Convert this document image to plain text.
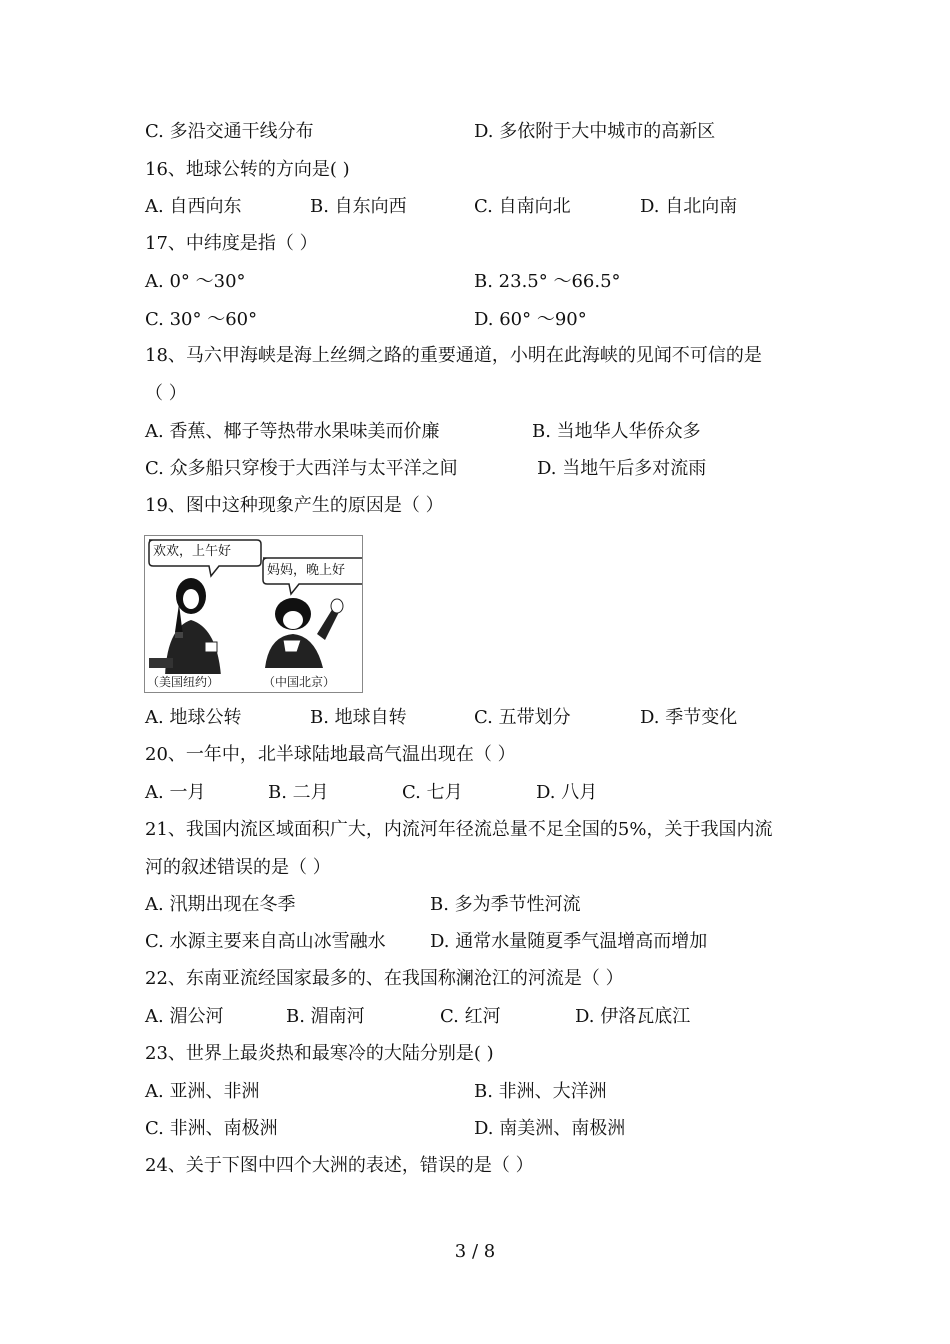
C. 多沿交通干线分布	D. 多依附于大中城市的高新区
16、地球公转的方向是( )
A. 自西向东	B. 自东向西	C. 自南向北	D. 自北向南
17、中纬度是指（ ）
A. 0° ～30°	B. 23.5° ～66.5°
C. 30° ～60°	D. 60° ～90°
18、马六甲海峡是海上丝绸之路的重要通道，小明在此海峡的见闻不可信的是
（ ）
A. 香蕉、椰子等热带水果味美而价廉	B. 当地华人华侨众多
C. 众多船只穿梭于大西洋与太平洋之间	D. 当地午后多对流雨
19、图中这种现象产生的原因是（ ）
欢欢，上午好
妈妈，晚上好
（美国纽约）	（中国北京）
A. 地球公转	B. 地球自转	C. 五带划分	D. 季节变化
20、一年中，北半球陆地最高气温出现在（ ）
A. 一月	B. 二月	C. 七月	D. 八月
21、我国内流区域面积广大，内流河年径流总量不足全国的5%，关于我国内流
河的叙述错误的是（ ）
A. 汛期出现在冬季	B. 多为季节性河流
C. 水源主要来自高山冰雪融水 D. 通常水量随夏季气温增高而增加
22、东南亚流经国家最多的、在我国称澜沧江的河流是（ ）
A. 湄公河	B. 湄南河	C. 红河	D. 伊洛瓦底江
23、世界上最炎热和最寒冷的大陆分别是( )
A. 亚洲、非洲	B. 非洲、大洋洲
C. 非洲、南极洲	D. 南美洲、南极洲
24、关于下图中四个大洲的表述，错误的是（ ）
3 / 8
